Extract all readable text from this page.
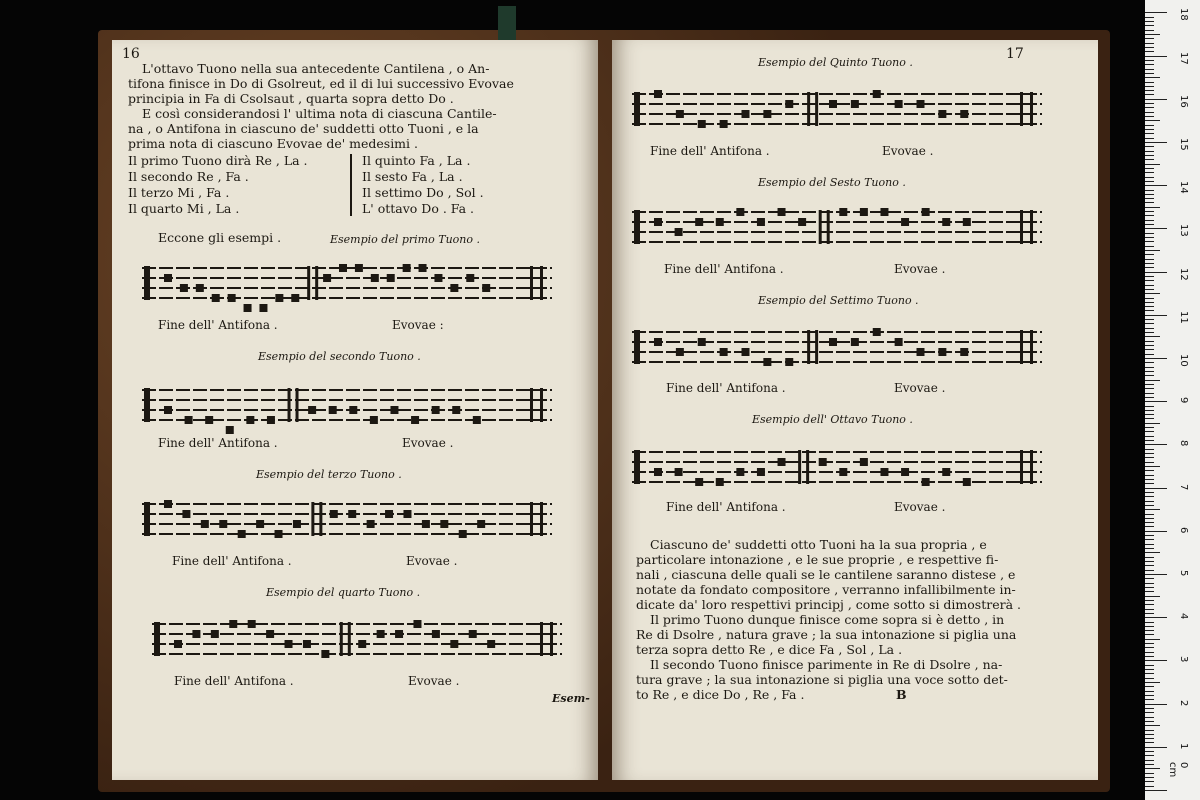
16
L'ottavo Tuono nella sua antecedente Cantilena , o An-
tifona finisce in Do di Gsolreut, ed il di lui successivo Evovae
principia in Fa di Csolsaut , quarta sopra detto Do .
E così considerandosi l' ultima nota di ciascuna Cantile-
na , o Antifona in ciascuno de' suddetti otto Tuoni , e la
prima nota di ciascuno Evovae de' medesimi .
Il primo Tuono dirà Re , La .
Il secondo Re , Fa .
Il terzo Mi , Fa .
Il quarto Mi , La .
Il quinto Fa , La .
Il sesto Fa , La .
Il settimo Do , Sol .
L' ottavo Do . Fa .
Eccone gli esempi .	Esempio del primo Tuono .
Fine dell' Antifona .	Evovae :
Esempio del secondo Tuono .
Fine dell' Antifona .	Evovae .
Esempio del terzo Tuono .
Fine dell' Antifona .	Evovae .
Esempio del quarto Tuono .
Fine dell' Antifona .	Evovae .
Esem-
17
Esempio del Quinto Tuono .
Fine dell' Antifona .	Evovae .
Esempio del Sesto Tuono .
Fine dell' Antifona .	Evovae .
Esempio del Settimo Tuono .
Fine dell' Antifona .	Evovae .
Esempio dell' Ottavo Tuono .
Fine dell' Antifona .	Evovae .
Ciascuno de' suddetti otto Tuoni ha la sua propria , e
particolare intonazione , e le sue proprie , e respettive fi-
nali , ciascuna delle quali se le cantilene saranno distese , e
notate da fondato compositore , verranno infallibilmente in-
dicate da' loro respettivi principj , come sotto si dimostrerà .
Il primo Tuono dunque finisce come sopra si è detto , in
Re di Dsolre , natura grave ; la sua intonazione si piglia una
terza sopra detto Re , e dice Fa , Sol , La .
Il secondo Tuono finisce parimente in Re di Dsolre , na-
tura grave ; la sua intonazione si piglia una voce sotto det-
to Re , e dice Do , Re , Fa .	B
0 cm
1
2
3
4
5
6
7
8
9
10
11
12
13
14
15
16
17
18
